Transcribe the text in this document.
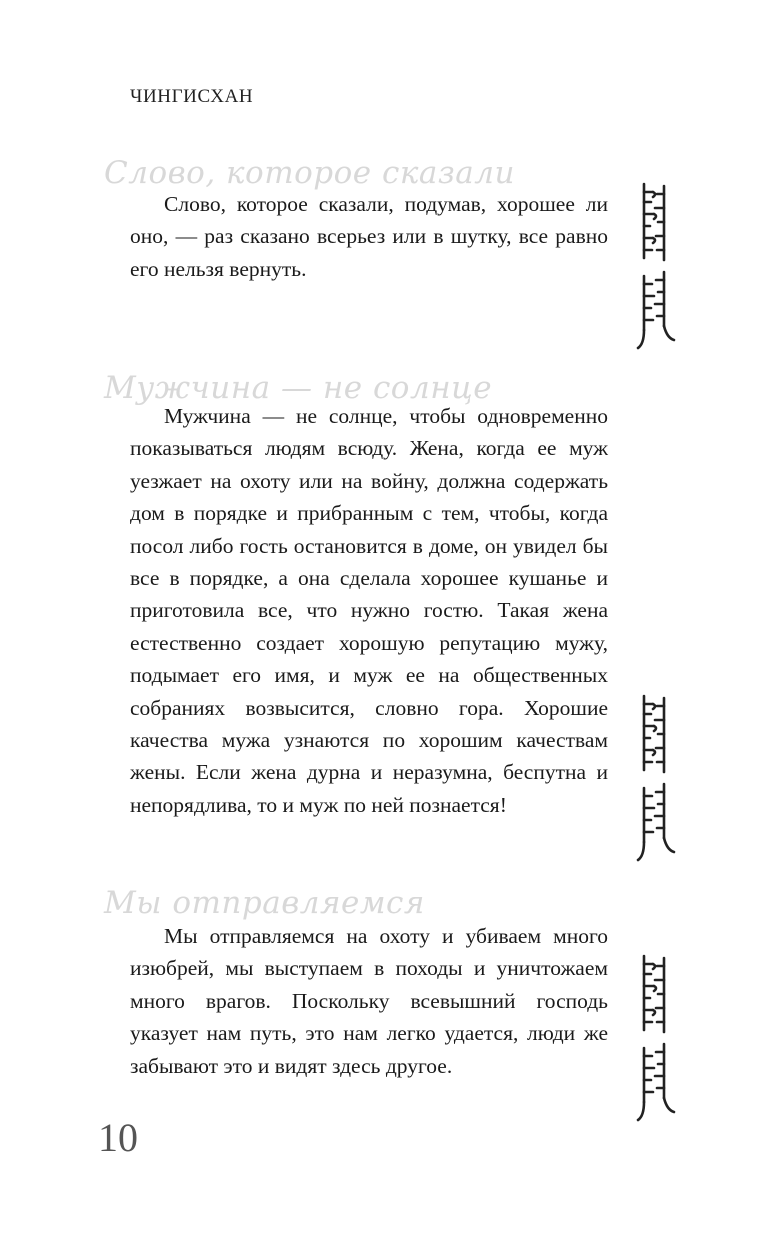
ЧИНГИСХАН
Слово, которое сказали

Слово, которое сказали, подумав, хорошее ли оно, — раз сказано всерьез или в шутку, все равно его нельзя вернуть.

Мужчина — не солнце

Мужчина — не солнце, чтобы одновременно показываться людям всюду. Жена, когда ее муж уезжает на охоту или на войну, должна содержать дом в порядке и прибранным с тем, чтобы, когда посол либо гость остановится в доме, он увидел бы все в порядке, а она сделала хорошее кушанье и приготовила все, что нужно гостю. Такая жена естественно создает хорошую репутацию мужу, подымает его имя, и муж ее на общественных собраниях возвысится, словно гора. Хорошие качества мужа узнаются по хорошим качествам жены. Если жена дурна и неразумна, беспутна и непорядлива, то и муж по ней познается!

Мы отправляемся

Мы отправляемся на охоту и убиваем много изюбрей, мы выступаем в походы и уничтожаем много врагов. Поскольку всевышний господь указует нам путь, это нам легко удается, люди же забывают это и видят здесь другое.

10
